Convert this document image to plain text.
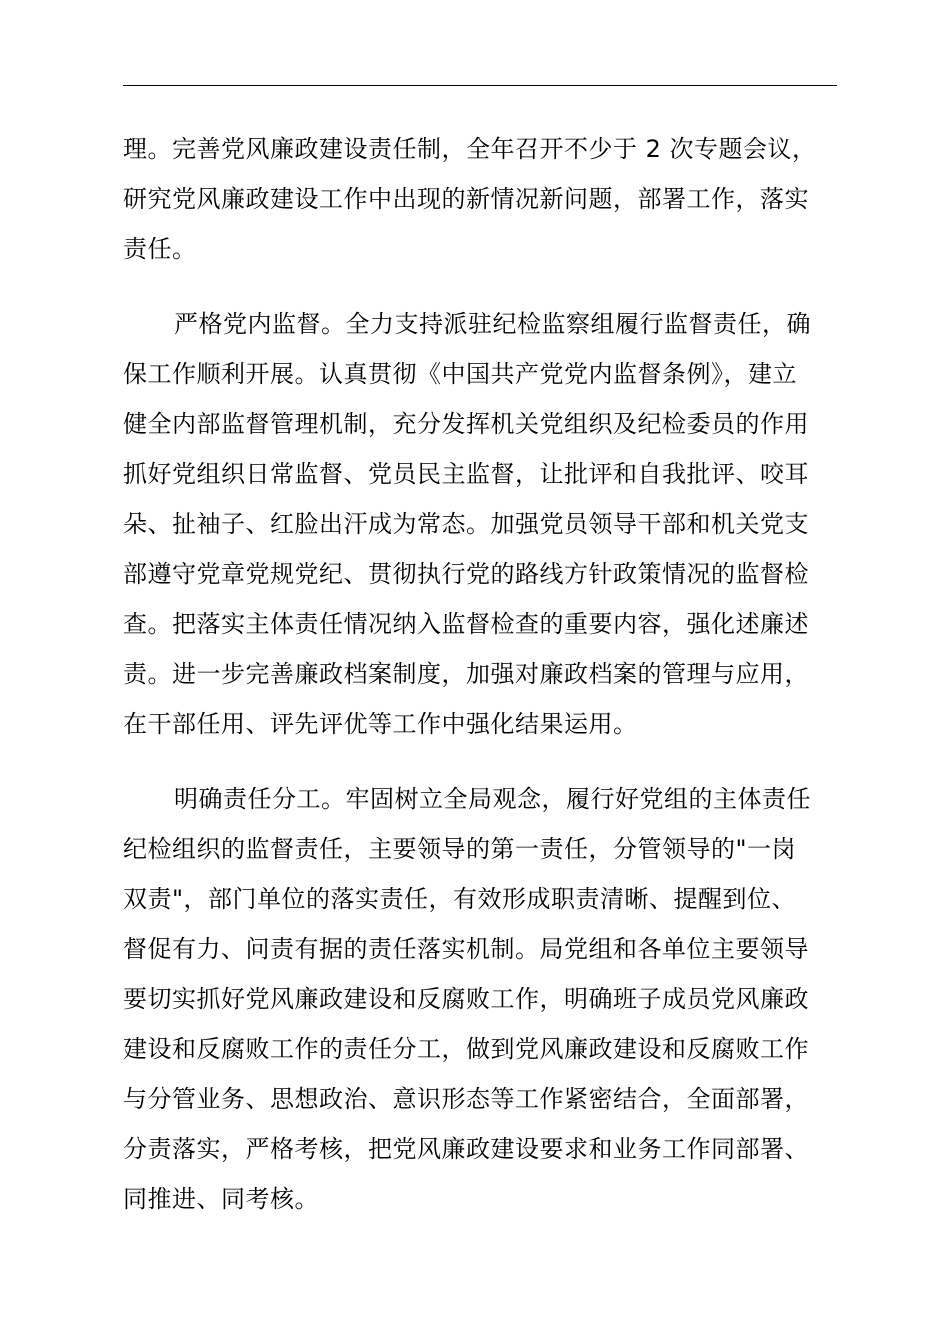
理。完善党风廉政建设责任制，全年召开不少于 2 次专题会议，
研究党风廉政建设工作中出现的新情况新问题，部署工作，落实
责任。

严格党内监督。全力支持派驻纪检监察组履行监督责任，确
保工作顺利开展。认真贯彻《中国共产党党内监督条例》，建立
健全内部监督管理机制，充分发挥机关党组织及纪检委员的作用
抓好党组织日常监督、党员民主监督，让批评和自我批评、咬耳
朵、扯袖子、红脸出汗成为常态。加强党员领导干部和机关党支
部遵守党章党规党纪、贯彻执行党的路线方针政策情况的监督检
查。把落实主体责任情况纳入监督检查的重要内容，强化述廉述
责。进一步完善廉政档案制度，加强对廉政档案的管理与应用，
在干部任用、评先评优等工作中强化结果运用。

明确责任分工。牢固树立全局观念，履行好党组的主体责任
纪检组织的监督责任，主要领导的第一责任，分管领导的"一岗
双责"，部门单位的落实责任，有效形成职责清晰、提醒到位、
督促有力、问责有据的责任落实机制。局党组和各单位主要领导
要切实抓好党风廉政建设和反腐败工作，明确班子成员党风廉政
建设和反腐败工作的责任分工，做到党风廉政建设和反腐败工作
与分管业务、思想政治、意识形态等工作紧密结合，全面部署，
分责落实，严格考核，把党风廉政建设要求和业务工作同部署、
同推进、同考核。
